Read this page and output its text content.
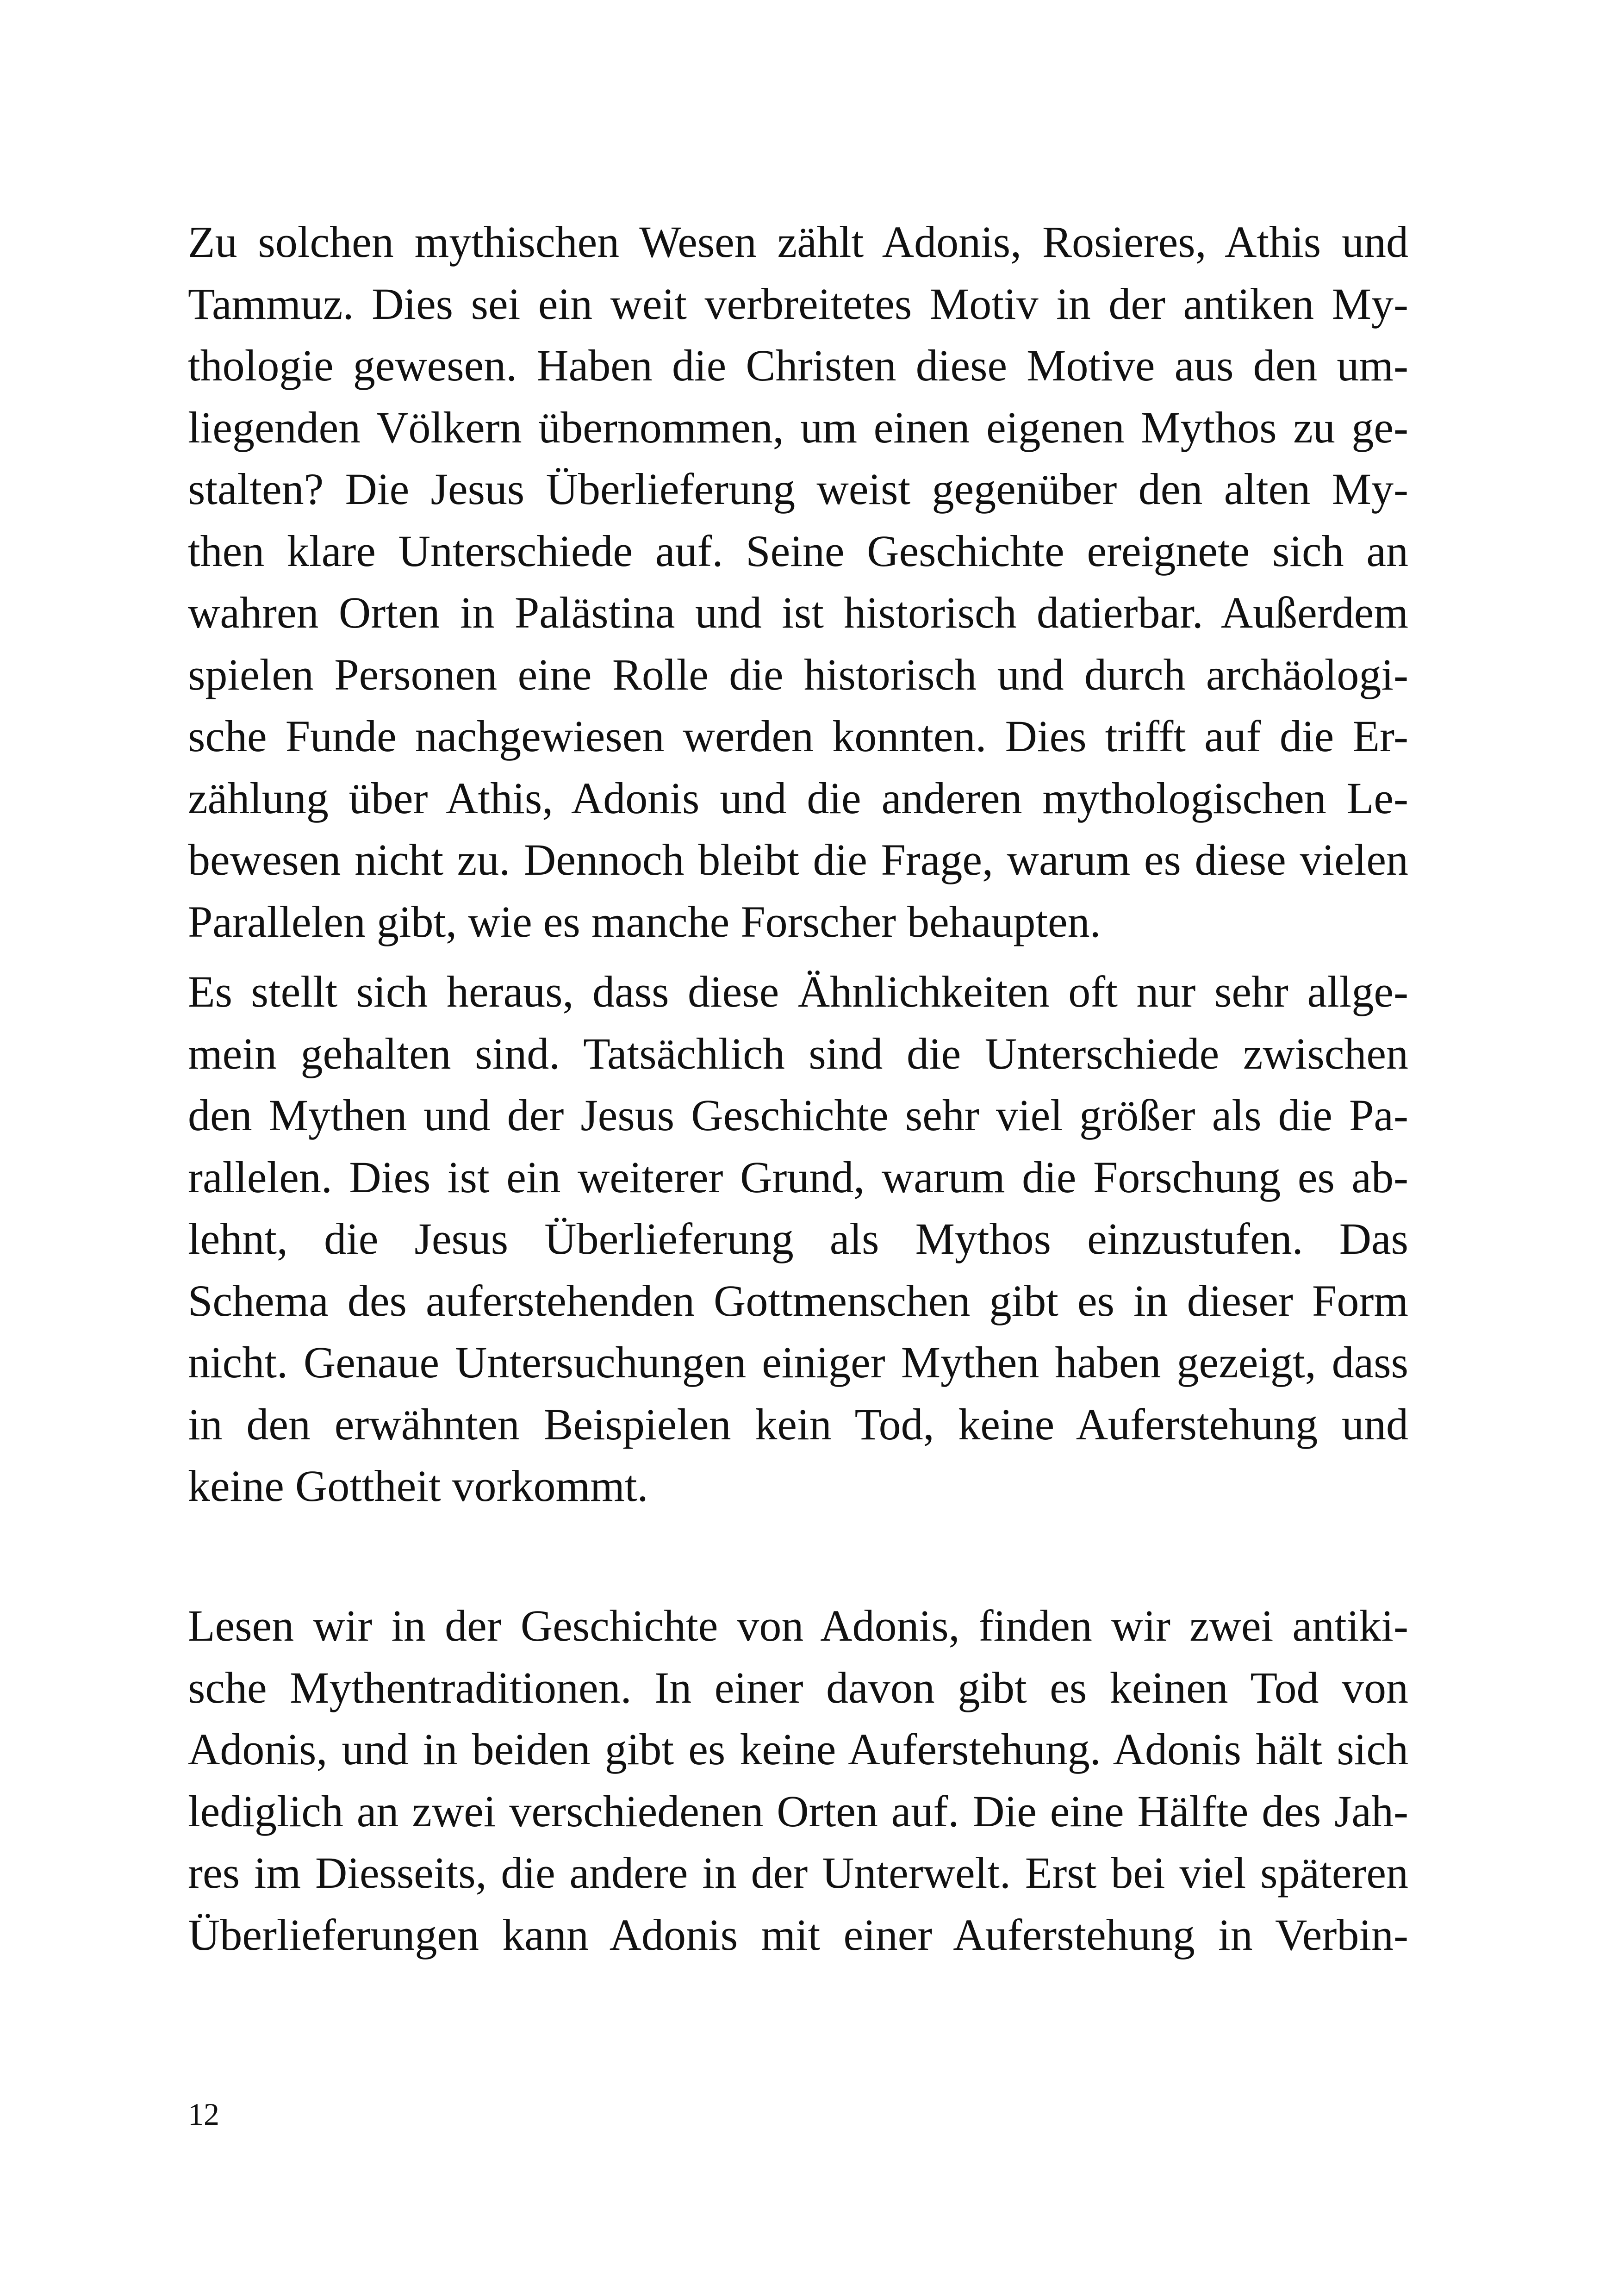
Zu solchen mythischen Wesen zählt Adonis, Rosieres, Athis und
Tammuz. Dies sei ein weit verbreitetes Motiv in der antiken My-
thologie gewesen. Haben die Christen diese Motive aus den um-
liegenden Völkern übernommen, um einen eigenen Mythos zu ge-
stalten? Die Jesus Überlieferung weist gegenüber den alten My-
then klare Unterschiede auf. Seine Geschichte ereignete sich an
wahren Orten in Palästina und ist historisch datierbar. Außerdem
spielen Personen eine Rolle die historisch und durch archäologi-
sche Funde nachgewiesen werden konnten. Dies trifft auf die Er-
zählung über Athis, Adonis und die anderen mythologischen Le-
bewesen nicht zu. Dennoch bleibt die Frage, warum es diese vielen
Parallelen gibt, wie es manche Forscher behaupten.
Es stellt sich heraus, dass diese Ähnlichkeiten oft nur sehr allge-
mein gehalten sind. Tatsächlich sind die Unterschiede zwischen
den Mythen und der Jesus Geschichte sehr viel größer als die Pa-
rallelen. Dies ist ein weiterer Grund, warum die Forschung es ab-
lehnt, die Jesus Überlieferung als Mythos einzustufen. Das
Schema des auferstehenden Gottmenschen gibt es in dieser Form
nicht. Genaue Untersuchungen einiger Mythen haben gezeigt, dass
in den erwähnten Beispielen kein Tod, keine Auferstehung und
keine Gottheit vorkommt.
Lesen wir in der Geschichte von Adonis, finden wir zwei antiki-
sche Mythentraditionen. In einer davon gibt es keinen Tod von
Adonis, und in beiden gibt es keine Auferstehung. Adonis hält sich
lediglich an zwei verschiedenen Orten auf. Die eine Hälfte des Jah-
res im Diesseits, die andere in der Unterwelt. Erst bei viel späteren
Überlieferungen kann Adonis mit einer Auferstehung in Verbin-
12
